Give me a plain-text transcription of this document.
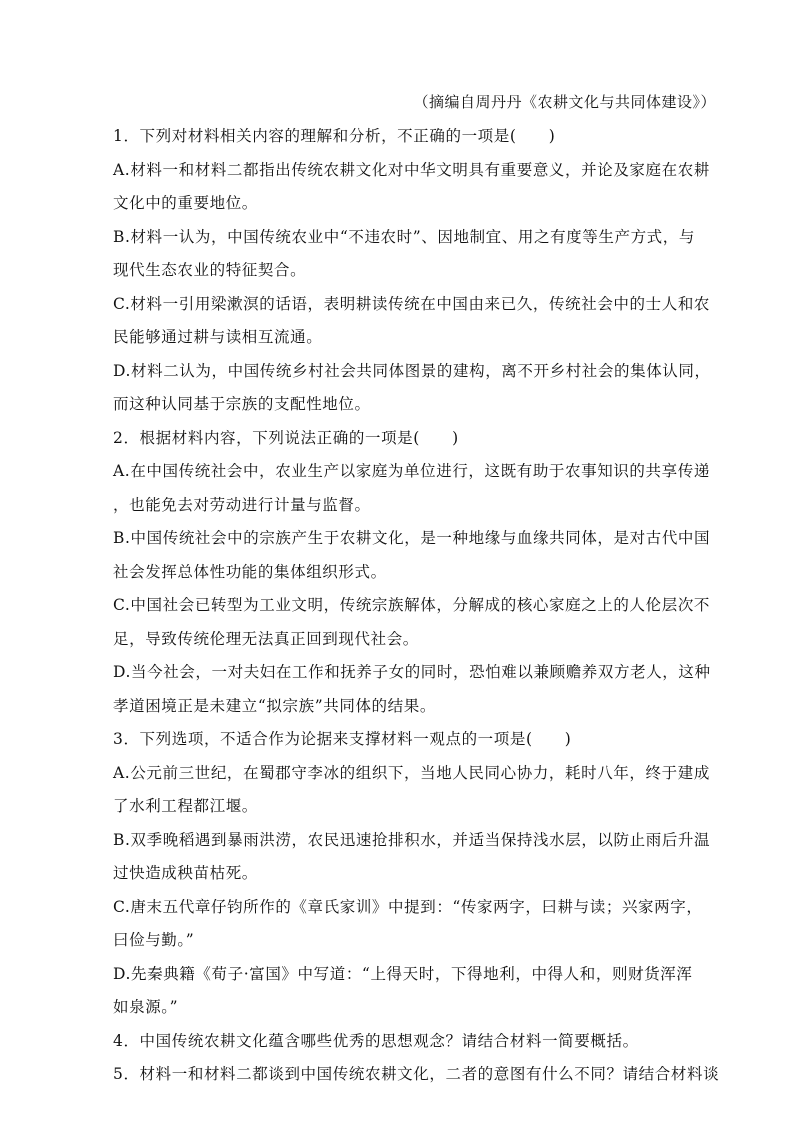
（摘编自周丹丹《农耕文化与共同体建设》）
1．下列对材料相关内容的理解和分析，不正确的一项是(　　)
A.材料一和材料二都指出传统农耕文化对中华文明具有重要意义，并论及家庭在农耕
文化中的重要地位。
B.材料一认为，中国传统农业中“不违农时”、因地制宜、用之有度等生产方式，与
现代生态农业的特征契合。
C.材料一引用梁漱溟的话语，表明耕读传统在中国由来已久，传统社会中的士人和农
民能够通过耕与读相互流通。
D.材料二认为，中国传统乡村社会共同体图景的建构，离不开乡村社会的集体认同，
而这种认同基于宗族的支配性地位。
2．根据材料内容，下列说法正确的一项是(　　)
A.在中国传统社会中，农业生产以家庭为单位进行，这既有助于农事知识的共享传递
，也能免去对劳动进行计量与监督。
B.中国传统社会中的宗族产生于农耕文化，是一种地缘与血缘共同体，是对古代中国
社会发挥总体性功能的集体组织形式。
C.中国社会已转型为工业文明，传统宗族解体，分解成的核心家庭之上的人伦层次不
足，导致传统伦理无法真正回到现代社会。
D.当今社会，一对夫妇在工作和抚养子女的同时，恐怕难以兼顾赡养双方老人，这种
孝道困境正是未建立“拟宗族”共同体的结果。
3．下列选项，不适合作为论据来支撑材料一观点的一项是(　　)
A.公元前三世纪，在蜀郡守李冰的组织下，当地人民同心协力，耗时八年，终于建成
了水利工程都江堰。
B.双季晚稻遇到暴雨洪涝，农民迅速抢排积水，并适当保持浅水层，以防止雨后升温
过快造成秧苗枯死。
C.唐末五代章仔钧所作的《章氏家训》中提到：“传家两字，曰耕与读；兴家两字，
曰俭与勤。”
D.先秦典籍《荀子·富国》中写道：“上得天时，下得地利，中得人和，则财货浑浑
如泉源。”
4．中国传统农耕文化蕴含哪些优秀的思想观念？请结合材料一简要概括。
5．材料一和材料二都谈到中国传统农耕文化，二者的意图有什么不同？请结合材料谈
